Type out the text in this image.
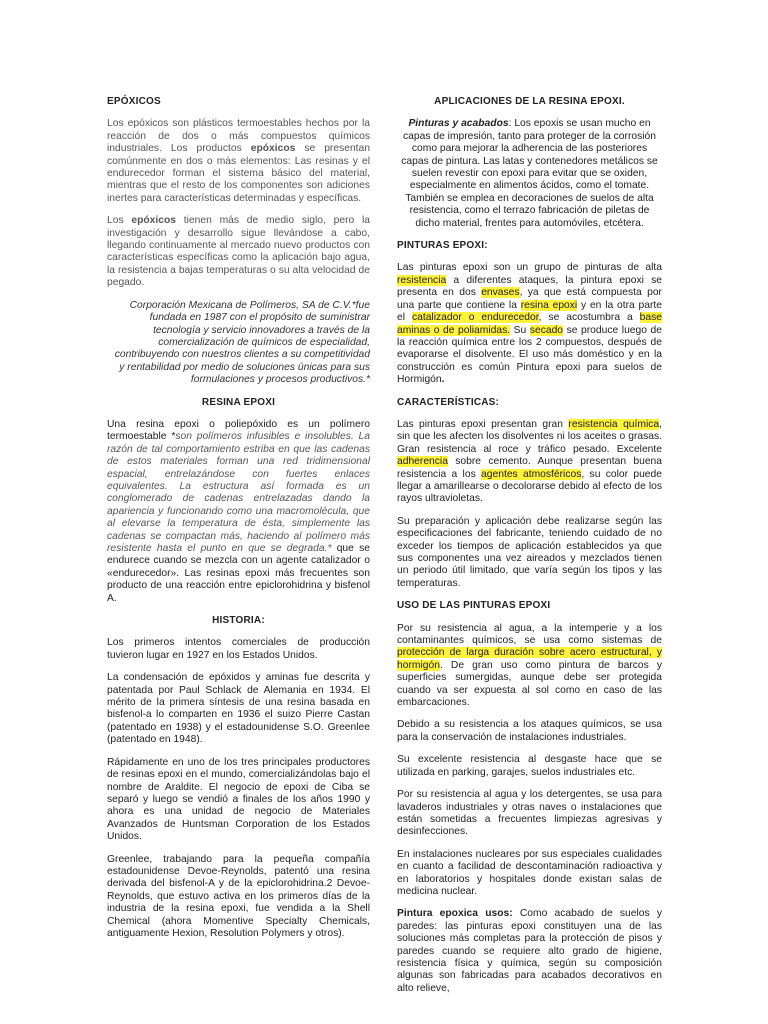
EPÓXICOS

Los epóxicos son plásticos termoestables hechos por la reacción de dos o más compuestos químicos industriales. Los productos epóxicos se presentan comúnmente en dos o más elementos: Las resinas y el endurecedor forman el sistema básico del material, mientras que el resto de los componentes son adiciones inertes para características determinadas y específicas.

Los epóxicos tienen más de medio siglo, pero la investigación y desarrollo sigue llevándose a cabo, llegando continuamente al mercado nuevo productos con características específicas como la aplicación bajo agua, la resistencia a bajas temperaturas o su alta velocidad de pegado.

Corporación Mexicana de Polímeros, SA de C.V.*fue fundada en 1987 con el propósito de suministrar tecnología y servicio innovadores a través de la comercialización de químicos de especialidad, contribuyendo con nuestros clientes a su competitividad y rentabilidad por medio de soluciones únicas para sus formulaciones y procesos productivos.*

RESINA EPOXI

Una resina epoxi o poliepóxido es un polímero termoestable *son polímeros infusibles e insolubles. La razón de tal comportamiento estriba en que las cadenas de estos materiales forman una red tridimensional espacial, entrelazándose con fuertes enlaces equivalentes. La estructura así formada es un conglomerado de cadenas entrelazadas dando la apariencia y funcionando como una macromolécula, que al elevarse la temperatura de ésta, simplemente las cadenas se compactan más, haciendo al polímero más resistente hasta el punto en que se degrada.* que se endurece cuando se mezcla con un agente catalizador o «endurecedor». Las resinas epoxi más frecuentes son producto de una reacción entre epiclorohidrina y bisfenol A.

HISTORIA:

Los primeros intentos comerciales de producción tuvieron lugar en 1927 en los Estados Unidos.

La condensación de epóxidos y aminas fue descrita y patentada por Paul Schlack de Alemania en 1934. El mérito de la primera síntesis de una resina basada en bisfenol-a lo comparten en 1936 el suizo Pierre Castan (patentado en 1938) y el estadounidense S.O. Greenlee (patentado en 1948).

Rápidamente en uno de los tres principales productores de resinas epoxi en el mundo, comercializándolas bajo el nombre de Araldite. El negocio de epoxi de Ciba se separó y luego se vendió a finales de los años 1990 y ahora es una unidad de negocio de Materiales Avanzados de Huntsman Corporation de los Estados Unidos.

Greenlee, trabajando para la pequeña compañía estadounidense Devoe-Reynolds, patentó una resina derivada del bisfenol-A y de la epiclorohidrina.2 Devoe-Reynolds, que estuvo activa en los primeros días de la industria de la resina epoxi, fue vendida a la Shell Chemical (ahora Momentive Specialty Chemicals, antiguamente Hexion, Resolution Polymers y otros).

APLICACIONES DE LA RESINA EPOXI.

Pinturas y acabados: Los epoxis se usan mucho en capas de impresión, tanto para proteger de la corrosión como para mejorar la adherencia de las posteriores capas de pintura. Las latas y contenedores metálicos se suelen revestir con epoxi para evitar que se oxiden, especialmente en alimentos ácidos, como el tomate. También se emplea en decoraciones de suelos de alta resistencia, como el terrazo fabricación de piletas de dicho material, frentes para automóviles, etcétera.

PINTURAS EPOXI:

Las pinturas epoxi son un grupo de pinturas de alta resistencia a diferentes ataques, la pintura epoxi se presenta en dos envases, ya que está compuesta por una parte que contiene la resina epoxi y en la otra parte el catalizador o endurecedor, se acostumbra a base aminas o de poliamidas. Su secado se produce luego de la reacción química entre los 2 compuestos, después de evaporarse el disolvente. El uso más doméstico y en la construcción es común Pintura epoxi para suelos de Hormigón.

CARACTERÍSTICAS:

Las pinturas epoxi presentan gran resistencia química, sin que les afecten los disolventes ni los aceites o grasas. Gran resistencia al roce y tráfico pesado. Excelente adherencia sobre cemento. Aunque presentan buena resistencia a los agentes atmosféricos, su color puede llegar a amarillearse o decolorarse debido al efecto de los rayos ultravioletas.

Su preparación y aplicación debe realizarse según las especificaciones del fabricante, teniendo cuidado de no exceder los tiempos de aplicación establecidos ya que sus componentes una vez aireados y mezclados tienen un periodo útil limitado, que varía según los tipos y las temperaturas.

USO DE LAS PINTURAS EPOXI

Por su resistencia al agua, a la intemperie y a los contaminantes químicos, se usa como sistemas de protección de larga duración sobre acero estructural, y hormigón. De gran uso como pintura de barcos y superficies sumergidas, aunque debe ser protegida cuando va ser expuesta al sol como en caso de las embarcaciones.

Debido a su resistencia a los ataques químicos, se usa para la conservación de instalaciones industriales.

Su excelente resistencia al desgaste hace que se utilizada en parking, garajes, suelos industriales etc.

Por su resistencia al agua y los detergentes, se usa para lavaderos industriales y otras naves o instalaciones que están sometidas a frecuentes limpiezas agresivas y desinfecciones.

En instalaciones nucleares por sus especiales cualidades en cuanto a facilidad de descontaminación radioactiva y en laboratorios y hospitales donde existan salas de medicina nuclear.

Pintura epoxica usos: Como acabado de suelos y paredes: las pinturas epoxi constituyen una de las soluciones más completas para la protección de pisos y paredes cuando se requiere alto grado de higiene, resistencia física y química, según su composición algunas son fabricadas para acabados decorativos en alto relieve,
